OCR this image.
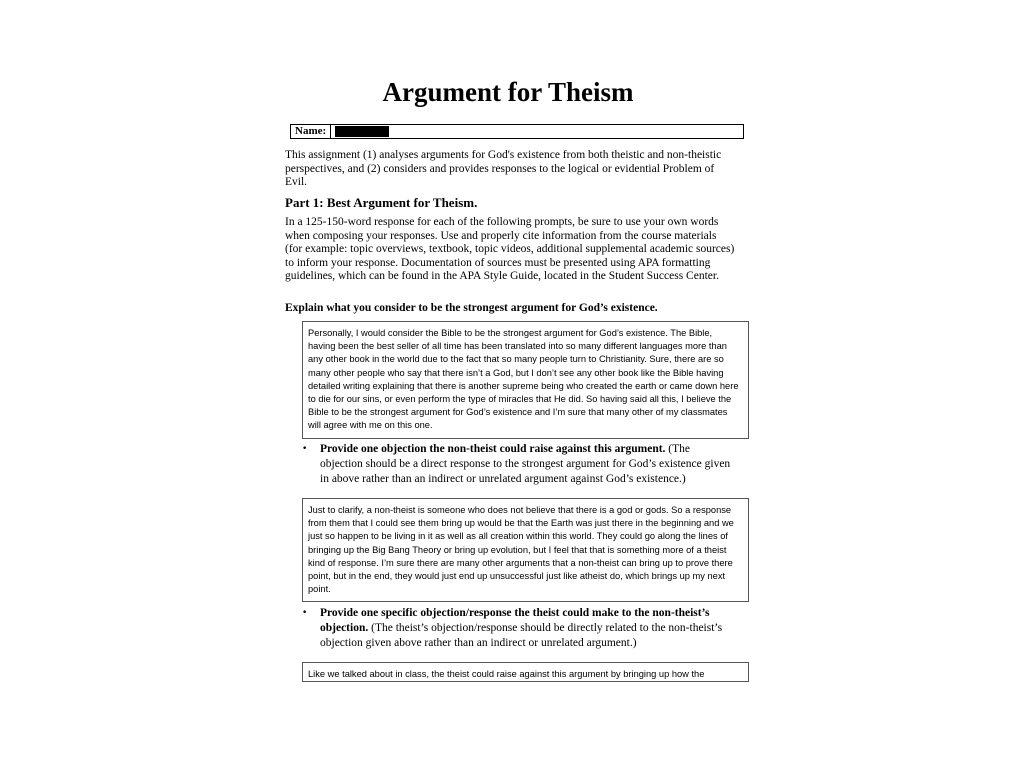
Argument for Theism
Name:
This assignment (1) analyses arguments for God's existence from both theistic and non-theistic perspectives, and (2) considers and provides responses to the logical or evidential Problem of Evil.
Part 1: Best Argument for Theism.
In a 125-150-word response for each of the following prompts, be sure to use your own words when composing your responses. Use and properly cite information from the course materials (for example: topic overviews, textbook, topic videos, additional supplemental academic sources) to inform your response. Documentation of sources must be presented using APA formatting guidelines, which can be found in the APA Style Guide, located in the Student Success Center.
Explain what you consider to be the strongest argument for God’s existence.
Personally, I would consider the Bible to be the strongest argument for God’s existence. The Bible, having been the best seller of all time has been translated into so many different languages more than any other book in the world due to the fact that so many people turn to Christianity. Sure, there are so many other people who say that there isn’t a God, but I don’t see any other book like the Bible having detailed writing explaining that there is another supreme being who created the earth or came down here to die for our sins, or even perform the type of miracles that He did. So having said all this, I believe the Bible to be the strongest argument for God’s existence and I’m sure that many other of my classmates will agree with me on this one.
• Provide one objection the non-theist could raise against this argument. (The objection should be a direct response to the strongest argument for God’s existence given in above rather than an indirect or unrelated argument against God’s existence.)
Just to clarify, a non-theist is someone who does not believe that there is a god or gods. So a response from them that I could see them bring up would be that the Earth was just there in the beginning and we just so happen to be living in it as well as all creation within this world. They could go along the lines of bringing up the Big Bang Theory or bring up evolution, but I feel that that is something more of a theist kind of response. I’m sure there are many other arguments that a non-theist can bring up to prove there point, but in the end, they would just end up unsuccessful just like atheist do, which brings up my next point.
• Provide one specific objection/response the theist could make to the non-theist’s objection. (The theist’s objection/response should be directly related to the non-theist’s objection given above rather than an indirect or unrelated argument.)
Like we talked about in class, the theist could raise against this argument by bringing up how the
